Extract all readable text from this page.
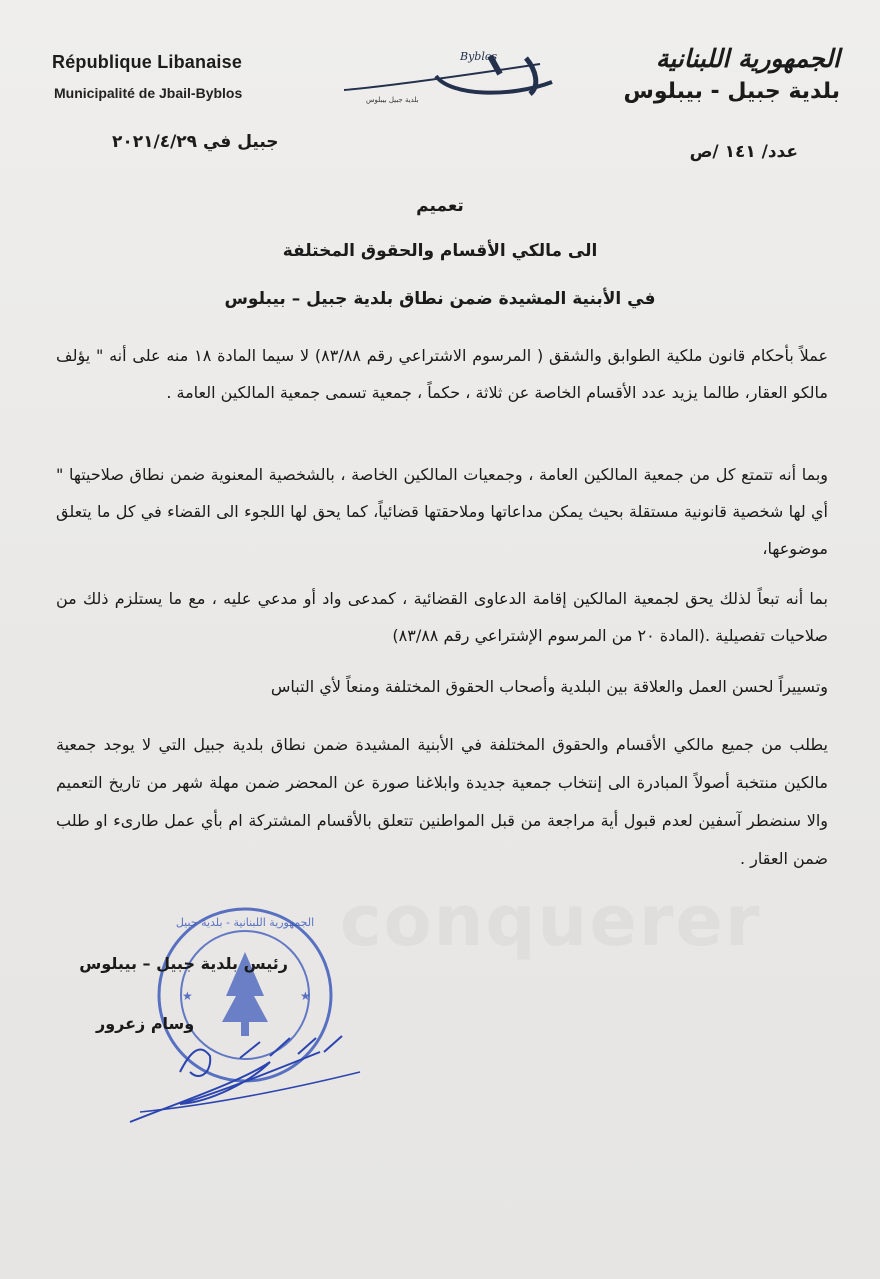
conquerer
République Libanaise
Municipalité de Jbail-Byblos
Byblos
بلدية جبيل بيبلوس
الجمهورية اللبنانية
بلدية جبيل - بيبلوس
جبيل في ٢٠٢١/٤/٢٩	عدد/ ١٤١ /ص
تعميم
الى مالكي الأقسام والحقوق المختلفة
في الأبنية المشيدة ضمن نطاق بلدية جبيل – بيبلوس
عملاً بأحكام قانون ملكية الطوابق والشقق ( المرسوم الاشتراعي رقم ٨٣/٨٨) لا سيما المادة ١٨ منه على أنه " يؤلف مالكو العقار، طالما يزيد عدد الأقسام الخاصة عن ثلاثة ، حكماً ، جمعية تسمى جمعية المالكين العامة .
وبما أنه تتمتع كل من جمعية المالكين العامة ، وجمعيات المالكين الخاصة ، بالشخصية المعنوية ضمن نطاق صلاحيتها " أي لها شخصية قانونية مستقلة بحيث يمكن مداعاتها وملاحقتها قضائياً، كما يحق لها اللجوء الى القضاء في كل ما يتعلق موضوعها،
بما أنه تبعاً لذلك يحق لجمعية المالكين إقامة الدعاوى القضائية ، كمدعى واد أو مدعي عليه ، مع ما يستلزم ذلك من صلاحيات تفصيلية .(المادة ٢٠ من المرسوم الإشتراعي رقم ٨٣/٨٨)
وتسييراً لحسن العمل والعلاقة بين البلدية وأصحاب الحقوق المختلفة ومنعاً لأي التباس
يطلب من جميع مالكي الأقسام والحقوق المختلفة في الأبنية المشيدة ضمن نطاق بلدية جبيل التي لا يوجد جمعية مالكين منتخبة أصولاً المبادرة الى إنتخاب جمعية جديدة وابلاغنا صورة عن المحضر ضمن مهلة شهر من تاريخ التعميم والا سنضطر آسفين لعدم قبول أية مراجعة من قبل المواطنين تتعلق بالأقسام المشتركة ام بأي عمل طارىء او طلب ضمن العقار .
★	★
الجمهورية اللبنانية - بلدية جبيل
رئيس بلدية جبيل – بيبلوس
وسام زعرور
